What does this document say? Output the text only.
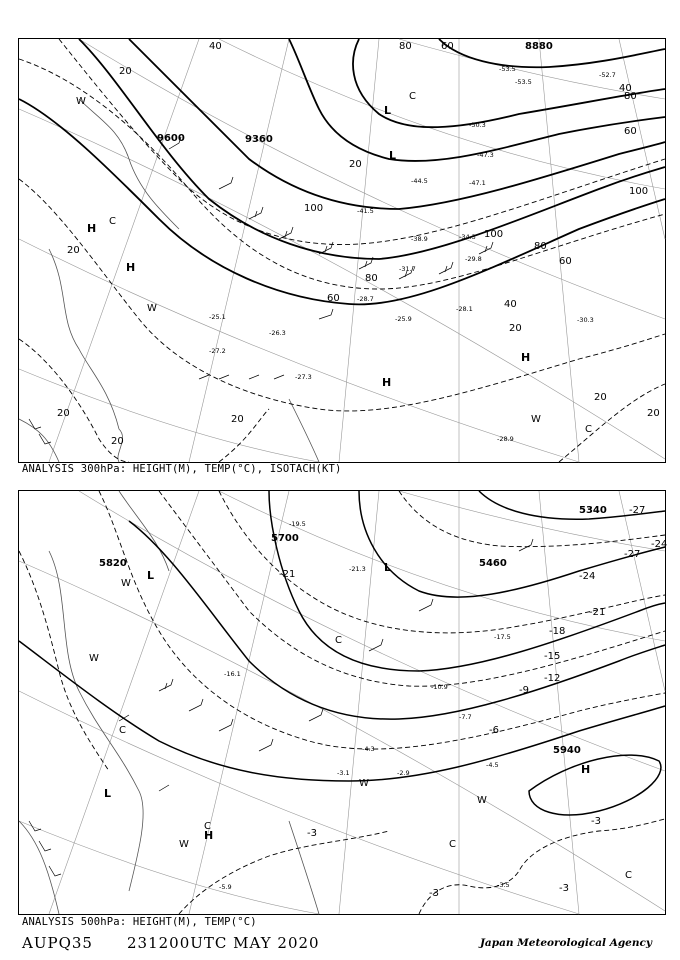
H
H
H
H
L
L
C
C
W
W
W
C
8880
9600	9360
20
40	80	60
80
60
100
100
80
60
40
20
100
80
60
20
20
20
20
20
20
20
40
-53.5
-52.7
-53.5
-50.3
-47.3
-47.1
-44.5
-41.5
-38.9	-34.3
-29.8
-31.7
-28.1
-25.9
-28.7
-27.2
-27.3
-30.3
-28.9
-25.1
-26.3
ANALYSIS 300hPa: HEIGHT(M), TEMP(°C), ISOTACH(KT)
H
H
L
L
L
C
W
W
C
W
W
C
W
C
C
5700
5820	5460
5340
5940
-27
-24
-27
-24
-21
-21
-18
-15
-12
-9
-6
-3
-3	-3
-3
-19.5
-21.3
-17.5
-16.1
-10.9
-7.7
-4.3
-4.5
-3.5
-2.9
-3.1
-5.9
ANALYSIS 500hPa: HEIGHT(M), TEMP(°C)
AUPQ35 231200UTC MAY 2020	Japan Meteorological Agency
